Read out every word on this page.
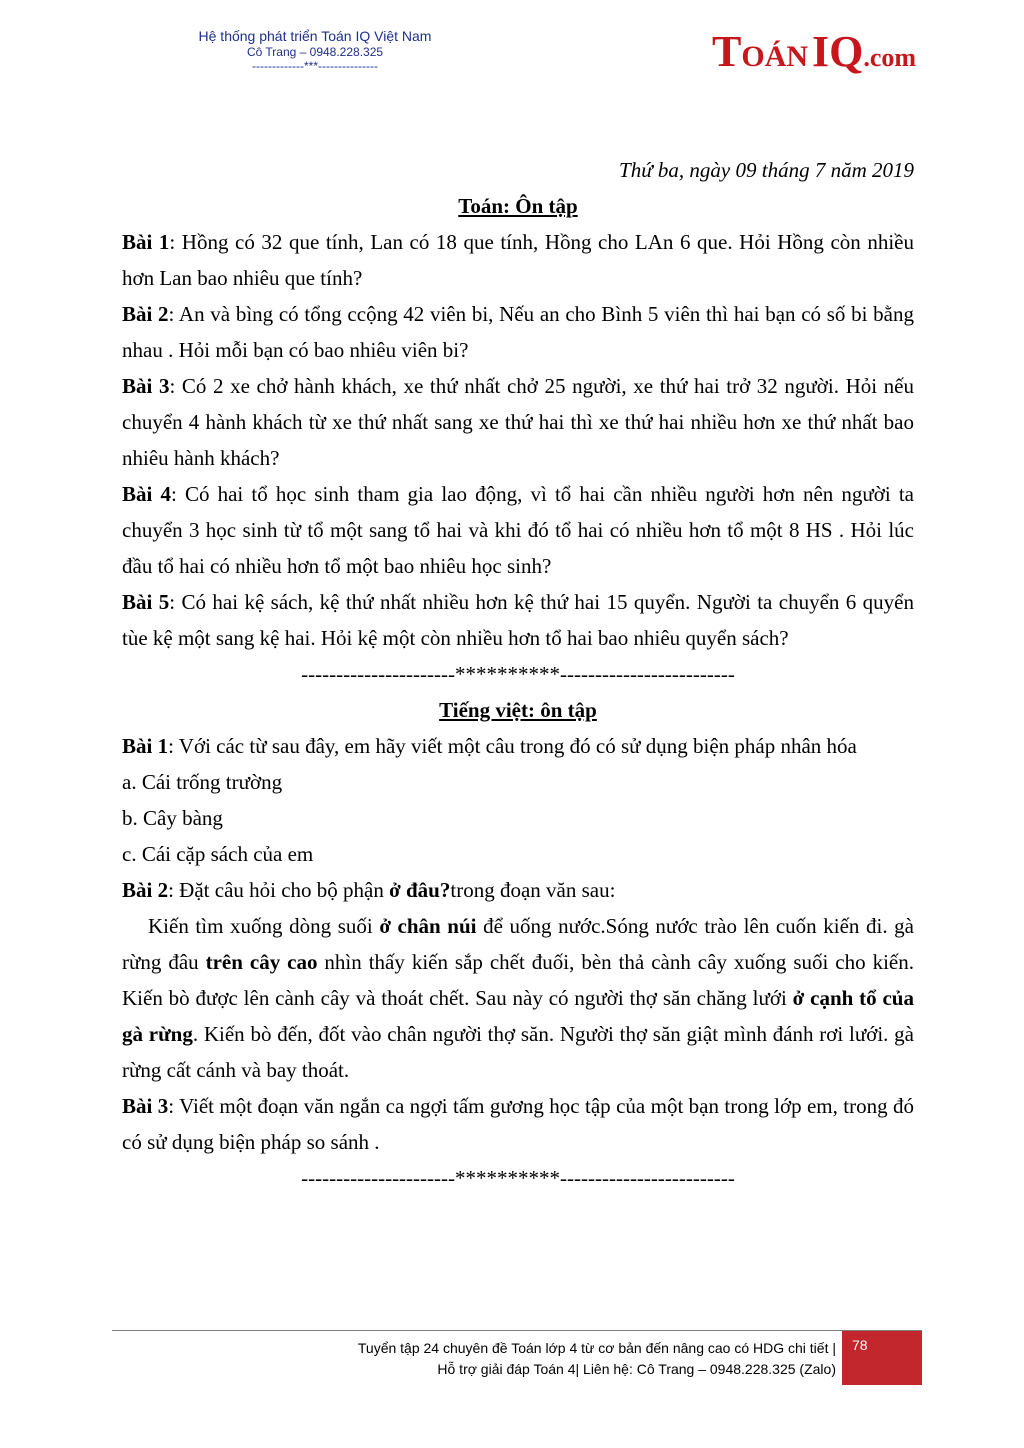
Hệ thống phát triển Toán IQ Việt Nam
Cô Trang – 0948.228.325
-------------***---------------	TOÁN IQ.com

Thứ ba, ngày 09 tháng 7 năm 2019

Toán: Ôn tập

Bài 1: Hồng có 32 que tính, Lan có 18 que tính, Hồng cho LAn 6 que. Hỏi Hồng còn nhiều hơn Lan bao nhiêu que tính?

Bài 2: An và bìng có tổng ccộng 42 viên bi, Nếu an cho Bình 5 viên thì hai bạn có số bi bằng nhau . Hỏi mỗi bạn có bao nhiêu viên bi?

Bài 3: Có 2 xe chở hành khách, xe thứ nhất chở 25 người, xe thứ hai trở 32 người. Hỏi nếu chuyển 4 hành khách từ xe thứ nhất sang xe thứ hai thì xe thứ hai nhiều hơn xe thứ nhất bao nhiêu hành khách?

Bài 4: Có hai tổ học sinh tham gia lao động, vì tổ hai cần nhiều người hơn nên người ta chuyển 3 học sinh từ tổ một sang tổ hai và khi đó tổ hai có nhiều hơn tổ một 8 HS . Hỏi lúc đầu tổ hai có nhiều hơn tổ một bao nhiêu học sinh?

Bài 5: Có hai kệ sách, kệ thứ nhất nhiều hơn kệ thứ hai 15 quyển. Người ta chuyển 6 quyển tùe kệ một sang kệ hai. Hỏi kệ một còn nhiều hơn tổ hai bao nhiêu quyển sách?

----------------------**********-------------------------

Tiếng việt: ôn tập

Bài 1: Với các từ sau đây, em hãy viết một câu trong đó có sử dụng biện pháp nhân hóa

a. Cái trống trường

b. Cây bàng

c. Cái cặp sách của em

Bài 2: Đặt câu hỏi cho bộ phận ở đâu?trong đoạn văn sau:

Kiến tìm xuống dòng suối ở chân núi để uống nước.Sóng nước trào lên cuốn kiến đi. gà rừng đâu trên cây cao nhìn thấy kiến sắp chết đuối, bèn thả cành cây xuống suối cho kiến. Kiến bò được lên cành cây và thoát chết. Sau này có người thợ săn chăng lưới ở cạnh tổ của gà rừng. Kiến bò đến, đốt vào chân người thợ săn. Người thợ săn giật mình đánh rơi lưới. gà rừng cất cánh và bay thoát.

Bài 3: Viết một đoạn văn ngắn ca ngợi tấm gương học tập của một bạn trong lớp em, trong đó có sử dụng biện pháp so sánh .

----------------------**********-------------------------

Tuyển tập 24 chuyên đề Toán lớp 4 từ cơ bản đến nâng cao có HDG chi tiết |
Hỗ trợ giải đáp Toán 4| Liên hệ: Cô Trang – 0948.228.325 (Zalo)
78
